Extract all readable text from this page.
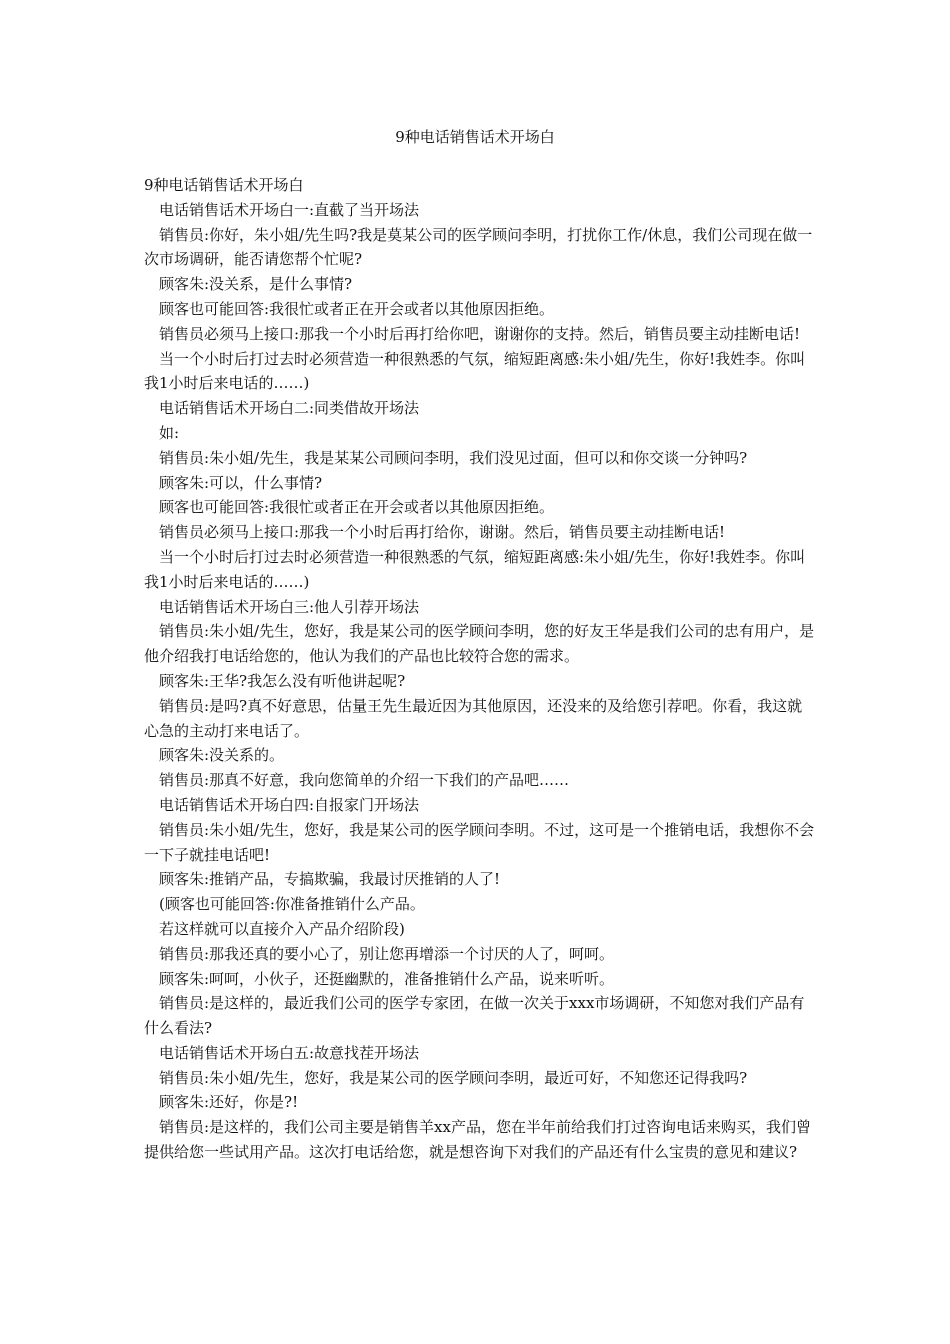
9种电话销售话术开场白

9种电话销售话术开场白

电话销售话术开场白一:直截了当开场法

销售员:你好，朱小姐/先生吗?我是莫某公司的医学顾问李明，打扰你工作/休息，我们公司现在做一次市场调研，能否请您帮个忙呢?

顾客朱:没关系，是什么事情?

顾客也可能回答:我很忙或者正在开会或者以其他原因拒绝。

销售员必须马上接口:那我一个小时后再打给你吧，谢谢你的支持。然后，销售员要主动挂断电话!

当一个小时后打过去时必须营造一种很熟悉的气氛，缩短距离感:朱小姐/先生，你好!我姓李。你叫我1小时后来电话的……)

电话销售话术开场白二:同类借故开场法

如:

销售员:朱小姐/先生，我是某某公司顾问李明，我们没见过面，但可以和你交谈一分钟吗?

顾客朱:可以，什么事情?

顾客也可能回答:我很忙或者正在开会或者以其他原因拒绝。

销售员必须马上接口:那我一个小时后再打给你，谢谢。然后，销售员要主动挂断电话!

当一个小时后打过去时必须营造一种很熟悉的气氛，缩短距离感:朱小姐/先生，你好!我姓李。你叫我1小时后来电话的……)

电话销售话术开场白三:他人引荐开场法

销售员:朱小姐/先生，您好，我是某公司的医学顾问李明，您的好友王华是我们公司的忠有用户，是他介绍我打电话给您的，他认为我们的产品也比较符合您的需求。

顾客朱:王华?我怎么没有听他讲起呢?

销售员:是吗?真不好意思，估量王先生最近因为其他原因，还没来的及给您引荐吧。你看，我这就心急的主动打来电话了。

顾客朱:没关系的。

销售员:那真不好意，我向您简单的介绍一下我们的产品吧……

电话销售话术开场白四:自报家门开场法

销售员:朱小姐/先生，您好，我是某公司的医学顾问李明。不过，这可是一个推销电话，我想你不会一下子就挂电话吧!

顾客朱:推销产品，专搞欺骗，我最讨厌推销的人了!

(顾客也可能回答:你准备推销什么产品。

若这样就可以直接介入产品介绍阶段)

销售员:那我还真的要小心了，别让您再增添一个讨厌的人了，呵呵。

顾客朱:呵呵，小伙子，还挺幽默的，准备推销什么产品，说来听听。

销售员:是这样的，最近我们公司的医学专家团，在做一次关于xxx市场调研，不知您对我们产品有什么看法?

电话销售话术开场白五:故意找茬开场法

销售员:朱小姐/先生，您好，我是某公司的医学顾问李明，最近可好，不知您还记得我吗?

顾客朱:还好，你是?!

销售员:是这样的，我们公司主要是销售羊xx产品，您在半年前给我们打过咨询电话来购买，我们曾提供给您一些试用产品。这次打电话给您，就是想咨询下对我们的产品还有什么宝贵的意见和建议?
